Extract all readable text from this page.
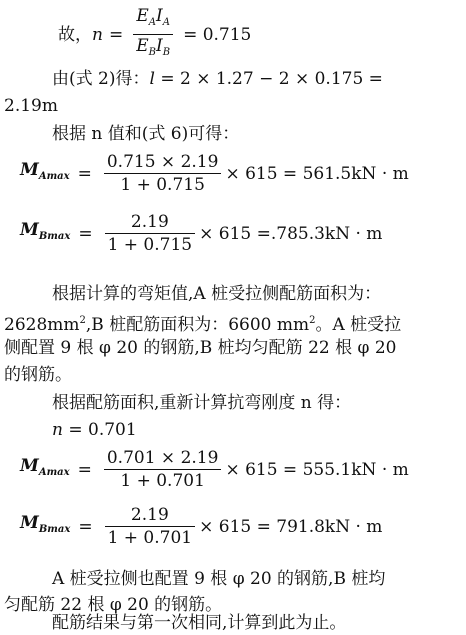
故， $n = \frac{E_AI_A}{E_BI_B} = 0.715$
由(式 2)得：l = 2 × 1.27 − 2 × 0.175 =
2.19m
根据 n 值和(式 6)可得：
$M_{Amax} = \frac{0.715 \times 2.19}{1 + 0.715} \times 615 = 561.5kN \cdot m$
$M_{Bmax} = \frac{2.19}{1 + 0.715} \times 615 =.785.3kN \cdot m$
根据计算的弯矩值,A 桩受拉侧配筋面积为：
$2628mm^2,B$ 桩配筋面积为：6600 $mm^2$。A 桩受拉
侧配置 9 根 φ 20 的钢筋,B 桩均匀配筋 22 根 φ 20
的钢筋。
根据配筋面积,重新计算抗弯刚度 n 得：
n = 0.701
$M_{Amax} = \frac{0.701 \times 2.19}{1 + 0.701} \times 615 = 555.1kN \cdot m$
$M_{Bmax} = \frac{2.19}{1 + 0.701} \times 615 = 791.8kN \cdot m$
A 桩受拉侧也配置 9 根 φ 20 的钢筋,B 桩均
匀配筋 22 根 φ 20 的钢筋。
配筋结果与第一次相同,计算到此为止。
